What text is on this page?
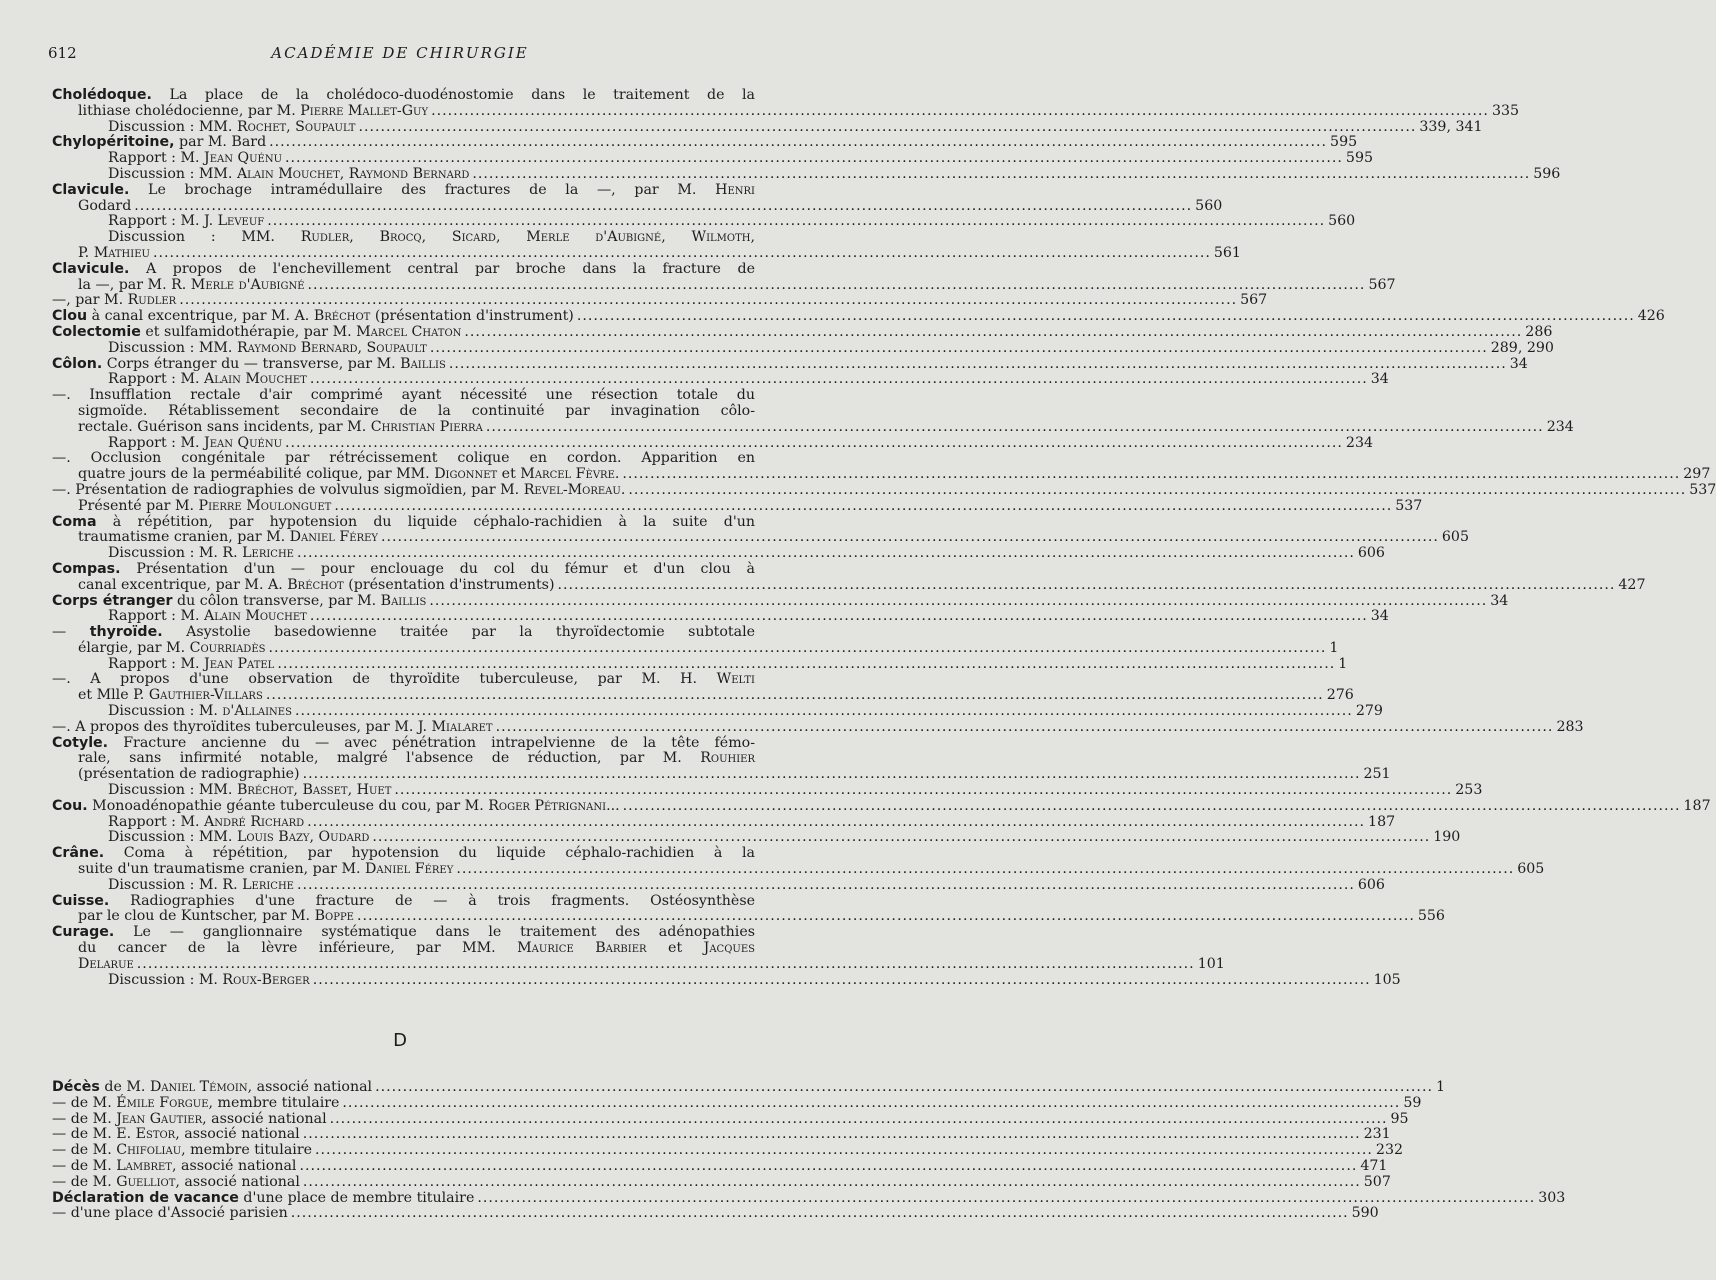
612	ACADÉMIE DE CHIRURGIE
Cholédoque. La place de la cholédoco-duodénostomie dans le traitement de la
lithiase cholédocienne, par M. Pierre Mallet-Guy .....	335
Discussion : MM. Rochet, Soupault .....	339, 341
Chylopéritoine, par M. Bard .....	595
Rapport : M. Jean Quénu .....	595
Discussion : MM. Alain Mouchet, Raymond Bernard .....	596
Clavicule. Le brochage intramédullaire des fractures de la —, par M. Henri
Godard .....	560
Rapport : M. J. Leveuf .....	560
Discussion : MM. Rudler, Brocq, Sicard, Merle d'Aubigné, Wilmoth,
P. Mathieu .....	561
Clavicule. A propos de l'enchevillement central par broche dans la fracture de
la —, par M. R. Merle d'Aubigné .....	567
—, par M. Rudler .....	567
Clou à canal excentrique, par M. A. Bréchot (présentation d'instrument) .....	426
Colectomie et sulfamidothérapie, par M. Marcel Chaton .....	286
Discussion : MM. Raymond Bernard, Soupault .....	289, 290
Côlon. Corps étranger du — transverse, par M. Baillis .....	34
Rapport : M. Alain Mouchet .....	34
—. Insufflation rectale d'air comprimé ayant nécessité une résection totale du
sigmoïde. Rétablissement secondaire de la continuité par invagination côlo-
rectale. Guérison sans incidents, par M. Christian Pierra .....	234
Rapport : M. Jean Quénu .....	234
—. Occlusion congénitale par rétrécissement colique en cordon. Apparition en
quatre jours de la perméabilité colique, par MM. Digonnet et Marcel Fèvre. .....	297
—. Présentation de radiographies de volvulus sigmoïdien, par M. Revel-Moreau. .....	537
Présenté par M. Pierre Moulonguet .....	537
Coma à répétition, par hypotension du liquide céphalo-rachidien à la suite d'un
traumatisme cranien, par M. Daniel Férey .....	605
Discussion : M. R. Leriche .....	606
Compas. Présentation d'un — pour enclouage du col du fémur et d'un clou à
canal excentrique, par M. A. Bréchot (présentation d'instruments) .....	427
Corps étranger du côlon transverse, par M. Baillis .....	34
Rapport : M. Alain Mouchet .....	34
— thyroïde. Asystolie basedowienne traitée par la thyroïdectomie subtotale
élargie, par M. Courriadès .....	1
Rapport : M. Jean Patel .....	1
—. A propos d'une observation de thyroïdite tuberculeuse, par M. H. Welti
et Mlle P. Gauthier-Villars .....	276
Discussion : M. d'Allaines .....	279
—. A propos des thyroïdites tuberculeuses, par M. J. Mialaret .....	283
Cotyle. Fracture ancienne du — avec pénétration intrapelvienne de la tête fémo-
rale, sans infirmité notable, malgré l'absence de réduction, par M. Rouhier
(présentation de radiographie) .....	251
Discussion : MM. Bréchot, Basset, Huet .....	253
Cou. Monoadénopathie géante tuberculeuse du cou, par M. Roger Pétrignani... .....	187
Rapport : M. André Richard .....	187
Discussion : MM. Louis Bazy, Oudard .....	190
Crâne. Coma à répétition, par hypotension du liquide céphalo-rachidien à la
suite d'un traumatisme cranien, par M. Daniel Férey .....	605
Discussion : M. R. Leriche .....	606
Cuisse. Radiographies d'une fracture de — à trois fragments. Ostéosynthèse
par le clou de Kuntscher, par M. Boppe .....	556
Curage. Le — ganglionnaire systématique dans le traitement des adénopathies
du cancer de la lèvre inférieure, par MM. Maurice Barbier et Jacques
Delarue .....	101
Discussion : M. Roux-Berger .....	105
D
Décès de M. Daniel Témoin, associé national .....	1
— de M. Émile Forgue, membre titulaire .....	59
— de M. Jean Gautier, associé national .....	95
— de M. E. Estor, associé national .....	231
— de M. Chifoliau, membre titulaire .....	232
— de M. Lambret, associé national .....	471
— de M. Guelliot, associé national .....	507
Déclaration de vacance d'une place de membre titulaire .....	303
— d'une place d'Associé parisien .....	590
